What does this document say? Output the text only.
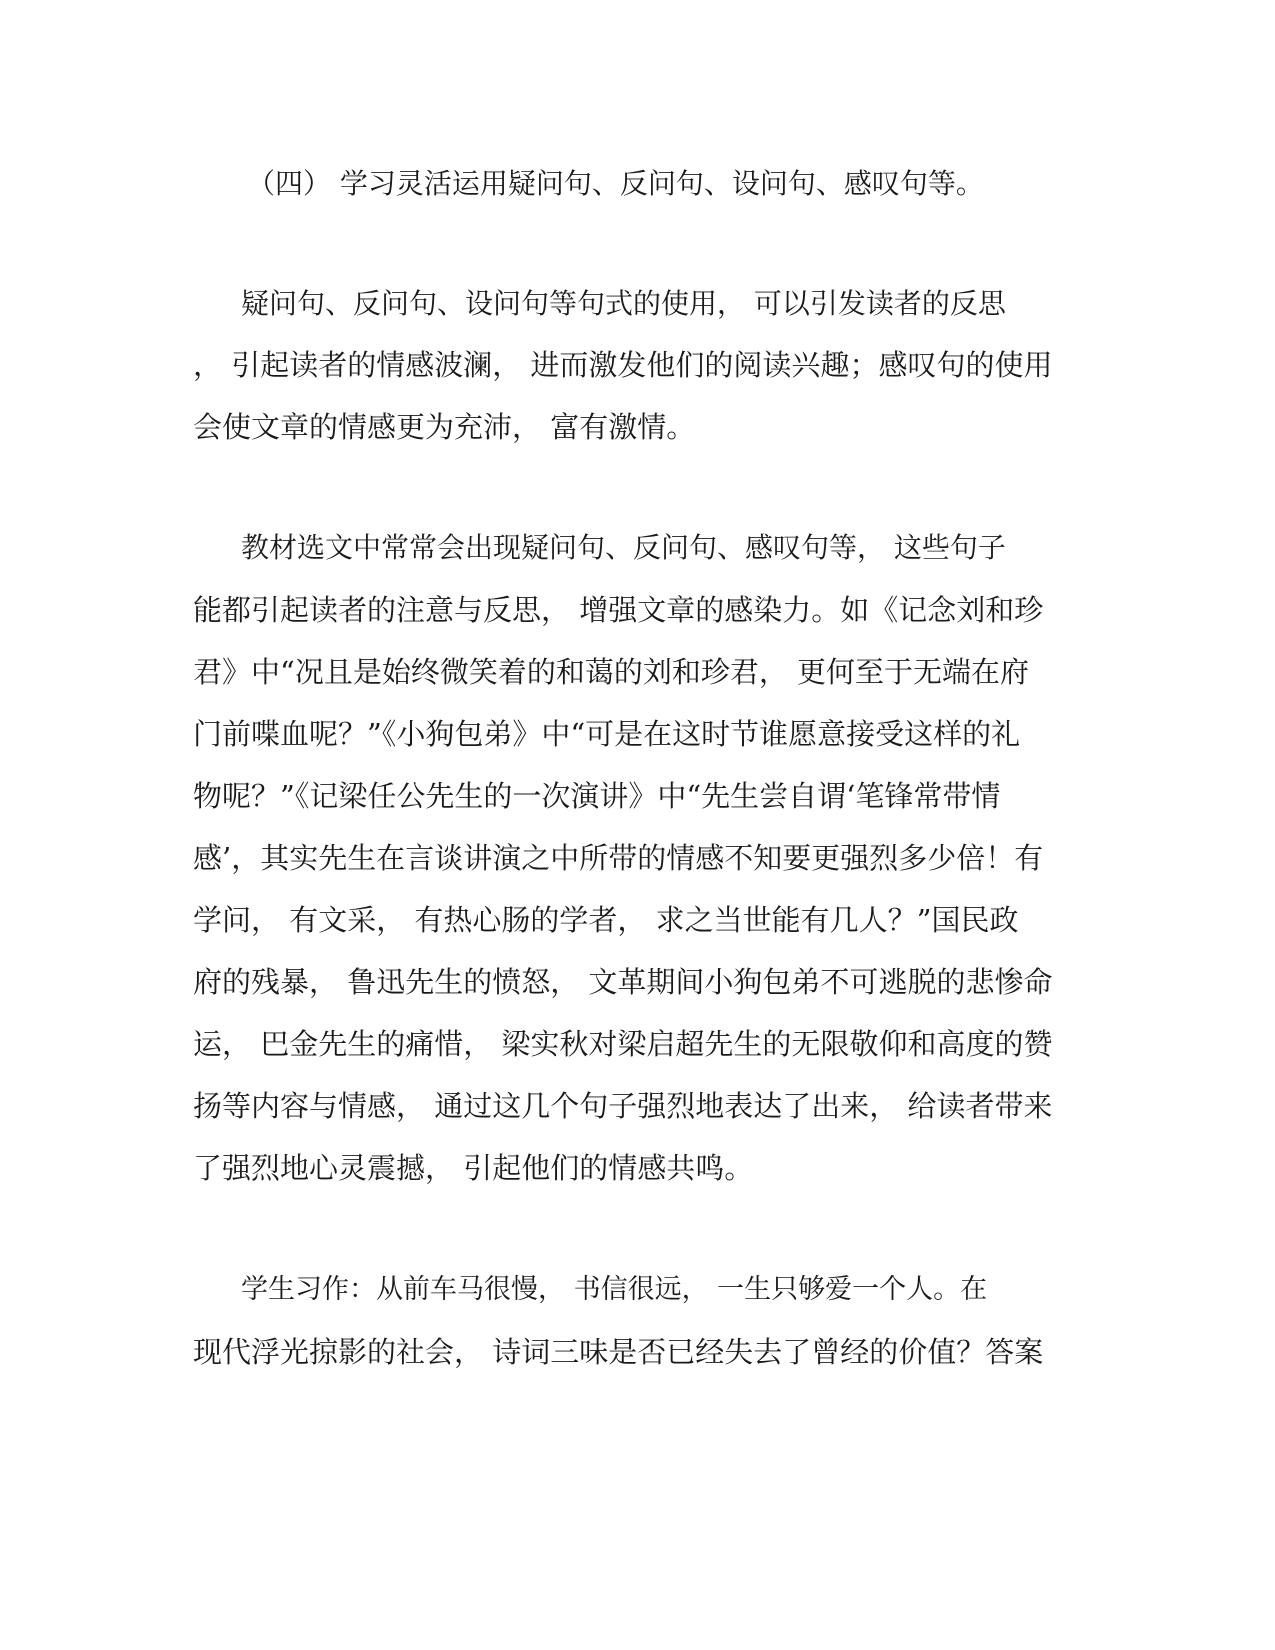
（四） 学习灵活运用疑问句、反问句、设问句、感叹句等。
疑问句、反问句、设问句等句式的使用， 可以引发读者的反思
， 引起读者的情感波澜， 进而激发他们的阅读兴趣；感叹句的使用
会使文章的情感更为充沛， 富有激情。
教材选文中常常会出现疑问句、反问句、感叹句等， 这些句子
能都引起读者的注意与反思， 增强文章的感染力。如《记念刘和珍
君》中“况且是始终微笑着的和蔼的刘和珍君， 更何至于无端在府
门前喋血呢？”《小狗包弟》中“可是在这时节谁愿意接受这样的礼
物呢？”《记梁任公先生的一次演讲》中“先生尝自谓‘笔锋常带情
感’，其实先生在言谈讲演之中所带的情感不知要更强烈多少倍！有
学问， 有文采， 有热心肠的学者， 求之当世能有几人？”国民政
府的残暴， 鲁迅先生的愤怒， 文革期间小狗包弟不可逃脱的悲惨命
运， 巴金先生的痛惜， 梁实秋对梁启超先生的无限敬仰和高度的赞
扬等内容与情感， 通过这几个句子强烈地表达了出来， 给读者带来
了强烈地心灵震撼， 引起他们的情感共鸣。
学生习作：从前车马很慢， 书信很远， 一生只够爱一个人。在
现代浮光掠影的社会， 诗词三味是否已经失去了曾经的价值？答案
